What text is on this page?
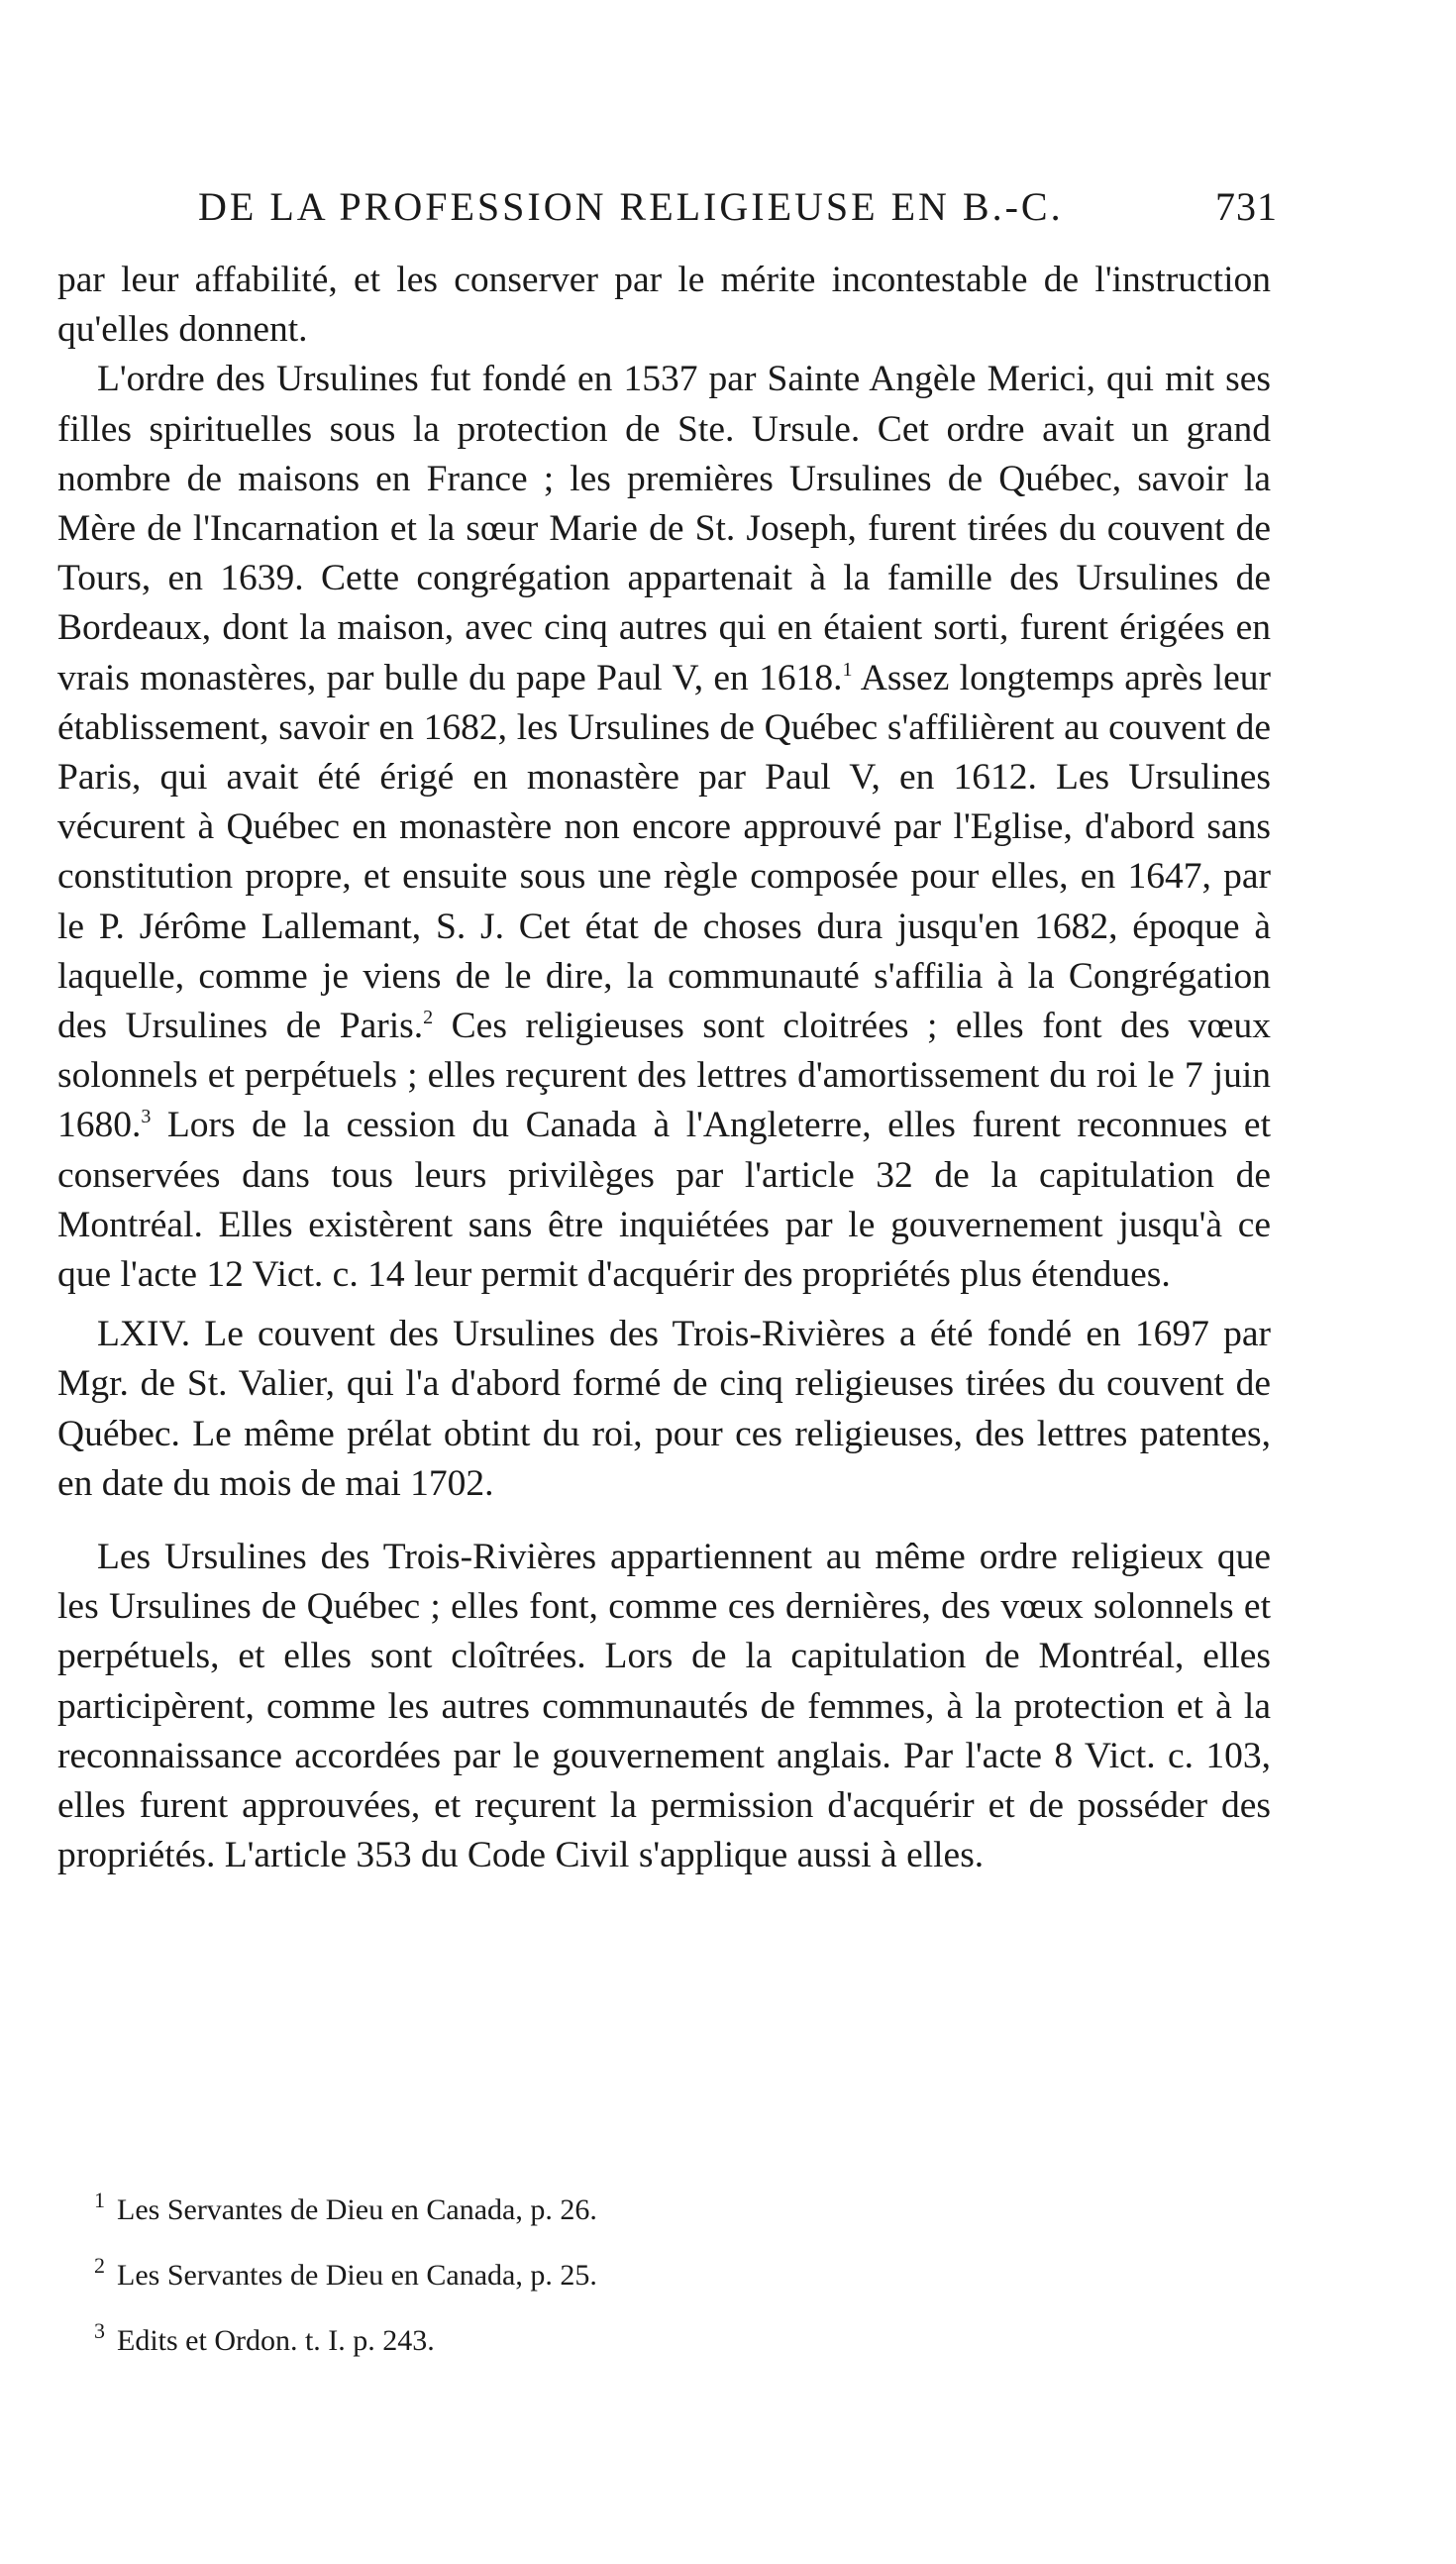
DE LA PROFESSION RELIGIEUSE EN B.-C.	731

par leur affabilité, et les conserver par le mérite incontestable de l'instruction qu'elles donnent.

L'ordre des Ursulines fut fondé en 1537 par Sainte Angèle Merici, qui mit ses filles spirituelles sous la protection de Ste. Ursule. Cet ordre avait un grand nombre de maisons en France ; les premières Ursulines de Québec, savoir la Mère de l'Incarnation et la sœur Marie de St. Joseph, furent tirées du couvent de Tours, en 1639. Cette congrégation appartenait à la famille des Ursulines de Bordeaux, dont la maison, avec cinq autres qui en étaient sorti, furent érigées en vrais monastères, par bulle du pape Paul V, en 1618.$^1$ Assez longtemps après leur établissement, savoir en 1682, les Ursulines de Québec s'affilièrent au couvent de Paris, qui avait été érigé en monastère par Paul V, en 1612. Les Ursulines vécurent à Québec en monastère non encore approuvé par l'Eglise, d'abord sans constitution propre, et ensuite sous une règle composée pour elles, en 1647, par le P. Jérôme Lallemant, S. J. Cet état de choses dura jusqu'en 1682, époque à laquelle, comme je viens de le dire, la communauté s'affilia à la Congrégation des Ursulines de Paris.$^2$ Ces religieuses sont cloitrées ; elles font des vœux solonnels et perpétuels ; elles reçurent des lettres d'amortissement du roi le 7 juin 1680.$^3$ Lors de la cession du Canada à l'Angleterre, elles furent reconnues et conservées dans tous leurs privilèges par l'article 32 de la capitulation de Montréal. Elles existèrent sans être inquiétées par le gouvernement jusqu'à ce que l'acte 12 Vict. c. 14 leur permit d'acquérir des propriétés plus étendues.

LXIV. Le couvent des Ursulines des Trois-Rivières a été fondé en 1697 par Mgr. de St. Valier, qui l'a d'abord formé de cinq religieuses tirées du couvent de Québec. Le même prélat obtint du roi, pour ces religieuses, des lettres patentes, en date du mois de mai 1702.

Les Ursulines des Trois-Rivières appartiennent au même ordre religieux que les Ursulines de Québec ; elles font, comme ces dernières, des vœux solonnels et perpétuels, et elles sont cloîtrées. Lors de la capitulation de Montréal, elles participèrent, comme les autres communautés de femmes, à la protection et à la reconnaissance accordées par le gouvernement anglais. Par l'acte 8 Vict. c. 103, elles furent approuvées, et reçurent la permission d'acquérir et de posséder des propriétés. L'article 353 du Code Civil s'applique aussi à elles.

$^1$ Les Servantes de Dieu en Canada, p. 26.

$^2$ Les Servantes de Dieu en Canada, p. 25.

$^3$ Edits et Ordon. t. I. p. 243.
